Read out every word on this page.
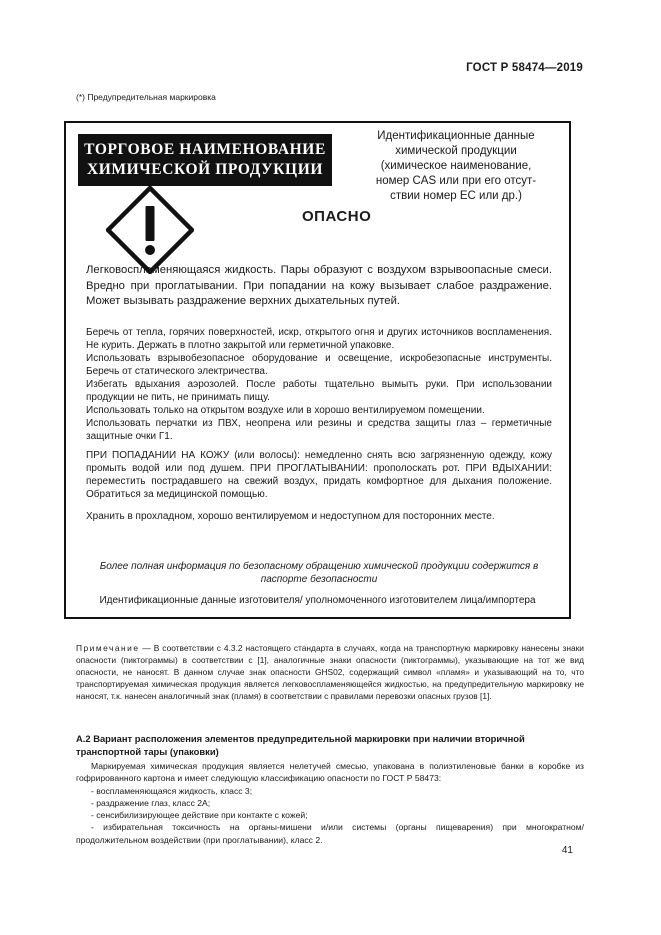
ГОСТ Р 58474—2019
(*) Предупредительная маркировка
ТОРГОВОЕ НАИМЕНОВАНИЕ
ХИМИЧЕСКОЙ ПРОДУКЦИИ
Идентификационные данные
химической продукции
(химическое наименование,
номер CAS или при его отсут-
ствии номер ЕС или др.)
ОПАСНО
Легковоспламеняющаяся жидкость. Пары образуют с воздухом взрывоопасные смеси. Вредно при проглатывании. При попадании на кожу вызывает слабое раздражение. Может вызывать раздражение верхних дыхательных путей.
Беречь от тепла, горячих поверхностей, искр, открытого огня и других источников воспламенения. Не курить. Держать в плотно закрытой или герметичной упаковке.
Использовать взрывобезопасное оборудование и освещение, искробезопасные инструменты. Беречь от статического электричества.
Избегать вдыхания аэрозолей. После работы тщательно вымыть руки. При использовании продукции не пить, не принимать пищу.
Использовать только на открытом воздухе или в хорошо вентилируемом помещении.
Использовать перчатки из ПВХ, неопрена или резины и средства защиты глаз – герметичные защитные очки Г1.
ПРИ ПОПАДАНИИ НА КОЖУ (или волосы): немедленно снять всю загрязненную одежду, кожу промыть водой или под душем. ПРИ ПРОГЛАТЫВАНИИ: прополоскать рот. ПРИ ВДЫХАНИИ: переместить пострадавшего на свежий воздух, придать комфортное для дыхания положение. Обратиться за медицинской помощью.
Хранить в прохладном, хорошо вентилируемом и недоступном для посторонних месте.
Более полная информация по безопасному обращению химической продукции содержится в паспорте безопасности
Идентификационные данные изготовителя/ уполномоченного изготовителем лица/импортера
Примечание — В соответствии с 4.3.2 настоящего стандарта в случаях, когда на транспортную маркировку нанесены знаки опасности (пиктограммы) в соответствии с [1], аналогичные знаки опасности (пиктограммы), указывающие на тот же вид опасности, не наносят. В данном случае знак опасности GHS02, содержащий символ «пламя» и указывающий на то, что транспортируемая химическая продукция является легковоспламеняющейся жидкостью, на предупредительную маркировку не наносят, т.к. нанесен аналогичный знак (пламя) в соответствии с правилами перевозки опасных грузов [1].
А.2 Вариант расположения элементов предупредительной маркировки при наличии вторичной транспортной тары (упаковки)
Маркируемая химическая продукция является нелетучей смесью, упакована в полиэтиленовые банки в коробке из гофрированного картона и имеет следующую классификацию опасности по ГОСТ Р 58473:
- воспламеняющаяся жидкость, класс 3;
- раздражение глаз, класс 2А;
- сенсибилизирующее действие при контакте с кожей;
- избирательная токсичность на органы-мишени и/или системы (органы пищеварения) при многократном/продолжительном воздействии (при проглатывании), класс 2.
41
